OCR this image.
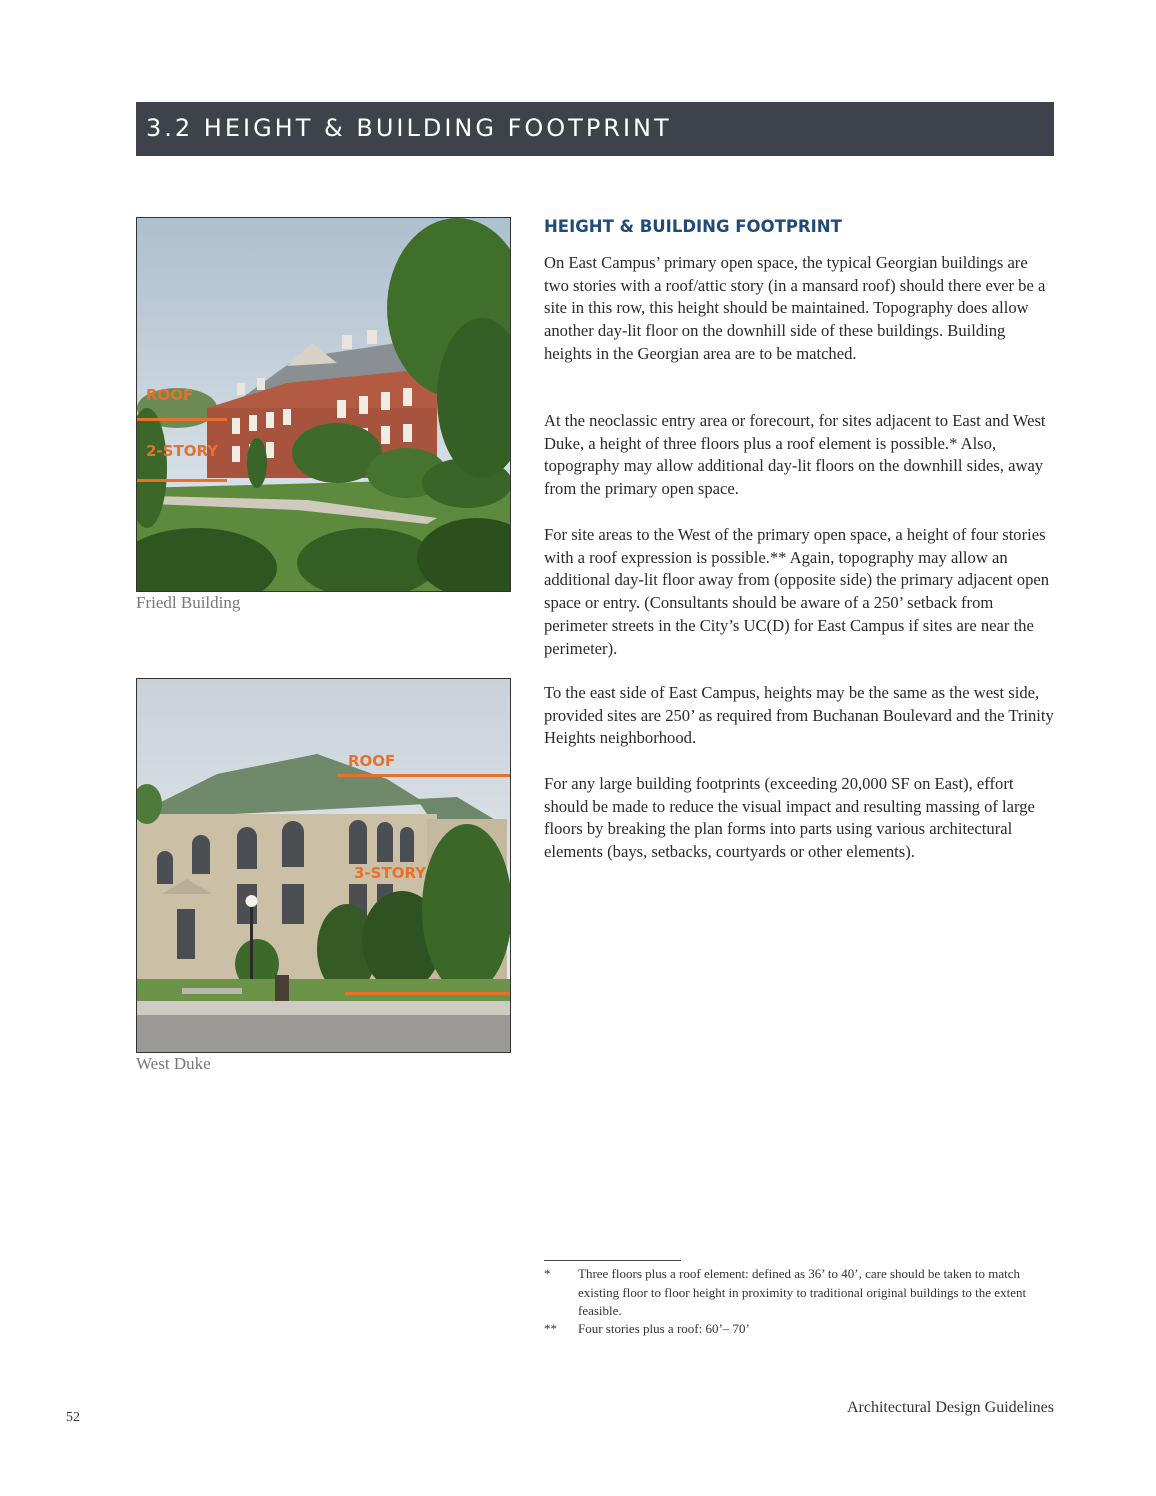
3.2 HEIGHT & BUILDING FOOTPRINT
ROOF
2-STORY
Friedl Building
ROOF
3-STORY
West Duke
HEIGHT & BUILDING FOOTPRINT

On East Campus’ primary open space, the typical Georgian buildings are two stories with a roof/attic story (in a mansard roof) should there ever be a site in this row, this height should be maintained. Topography does allow another day-lit floor on the downhill side of these buildings. Building heights in the Georgian area are to be matched.

At the neoclassic entry area or forecourt, for sites adjacent to East and West Duke, a height of three floors plus a roof element is possible.* Also, topography may allow additional day-lit floors on the downhill sides, away from the primary open space.

For site areas to the West of the primary open space, a height of four stories with a roof expression is possible.** Again, topography may allow an additional day-lit floor away from (opposite side) the primary adjacent open space or entry. (Consultants should be aware of a 250’ setback from perimeter streets in the City’s UC(D) for East Campus if sites are near the perimeter).

To the east side of East Campus, heights may be the same as the west side, provided sites are 250’ as required from Buchanan Boulevard and the Trinity Heights neighborhood.

For any large building footprints (exceeding 20,000 SF on East), effort should be made to reduce the visual impact and resulting massing of large floors by breaking the plan forms into parts using various architectural elements (bays, setbacks, courtyards or other elements).

* Three floors plus a roof element: defined as 36’ to 40’, care should be taken to match existing floor to floor height in proximity to traditional original buildings to the extent feasible.
** Four stories plus a roof: 60’– 70’
52
Architectural Design Guidelines
